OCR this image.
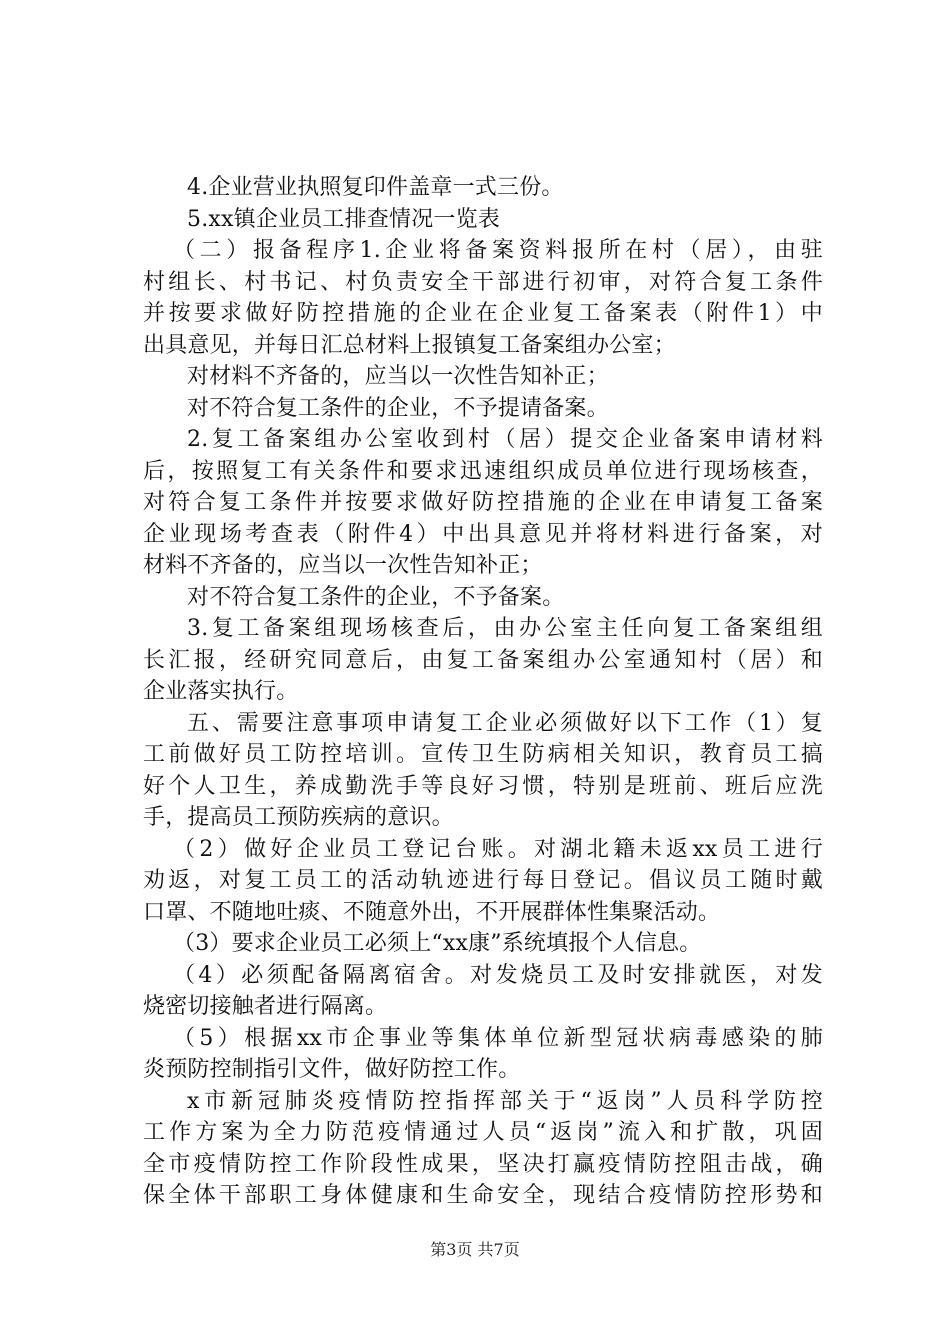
4.企业营业执照复印件盖章一式三份。
5.xx镇企业员工排查情况一览表
（二）报备程序1.企业将备案资料报所在村（居），由驻
村组长、村书记、村负责安全干部进行初审，对符合复工条件
并按要求做好防控措施的企业在企业复工备案表（附件1）中
出具意见，并每日汇总材料上报镇复工备案组办公室；
对材料不齐备的，应当以一次性告知补正；
对不符合复工条件的企业，不予提请备案。
2.复工备案组办公室收到村（居）提交企业备案申请材料
后，按照复工有关条件和要求迅速组织成员单位进行现场核查，
对符合复工条件并按要求做好防控措施的企业在申请复工备案
企业现场考查表（附件4）中出具意见并将材料进行备案，对
材料不齐备的，应当以一次性告知补正；
对不符合复工条件的企业，不予备案。
3.复工备案组现场核查后，由办公室主任向复工备案组组
长汇报，经研究同意后，由复工备案组办公室通知村（居）和
企业落实执行。
五、需要注意事项申请复工企业必须做好以下工作（1）复
工前做好员工防控培训。宣传卫生防病相关知识，教育员工搞
好个人卫生，养成勤洗手等良好习惯，特别是班前、班后应洗
手，提高员工预防疾病的意识。
（2）做好企业员工登记台账。对湖北籍未返xx员工进行
劝返，对复工员工的活动轨迹进行每日登记。倡议员工随时戴
口罩、不随地吐痰、不随意外出，不开展群体性集聚活动。
（3）要求企业员工必须上“xx康”系统填报个人信息。
（4）必须配备隔离宿舍。对发烧员工及时安排就医，对发
烧密切接触者进行隔离。
（5）根据xx市企事业等集体单位新型冠状病毒感染的肺
炎预防控制指引文件，做好防控工作。
x市新冠肺炎疫情防控指挥部关于“返岗”人员科学防控
工作方案为全力防范疫情通过人员“返岗”流入和扩散，巩固
全市疫情防控工作阶段性成果，坚决打赢疫情防控阻击战，确
保全体干部职工身体健康和生命安全，现结合疫情防控形势和
第3页 共7页
